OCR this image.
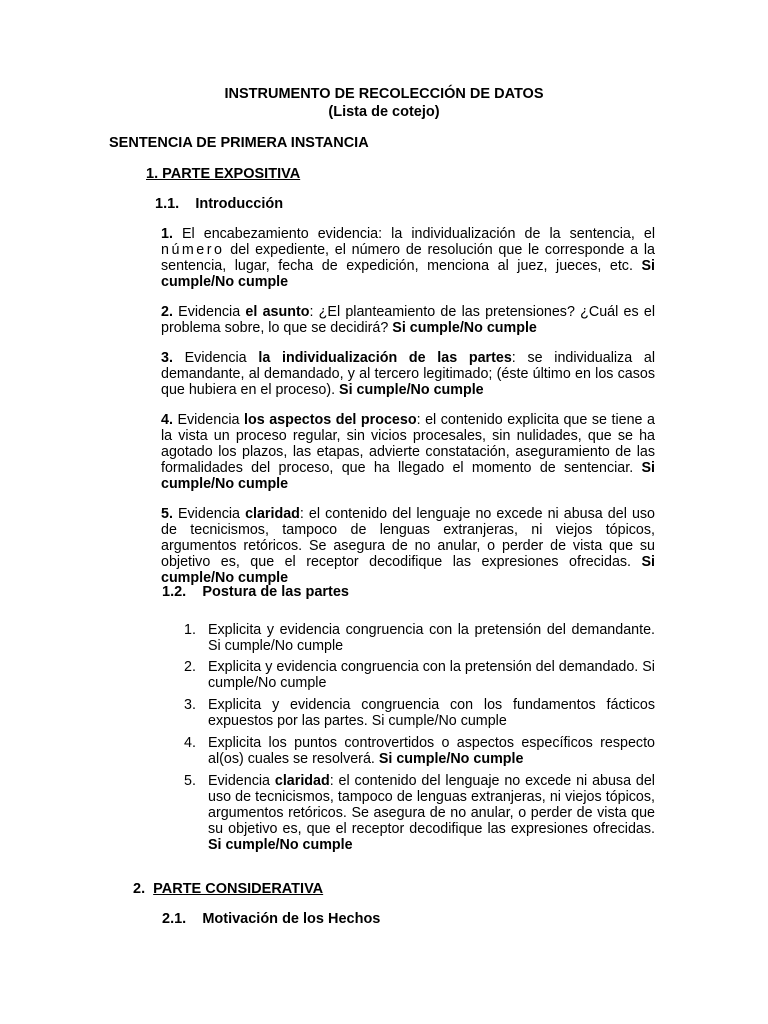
INSTRUMENTO DE RECOLECCIÓN DE DATOS
(Lista de cotejo)
SENTENCIA DE PRIMERA INSTANCIA
1. PARTE EXPOSITIVA
1.1. Introducción
1. El encabezamiento evidencia: la individualización de la sentencia, el número del expediente, el número de resolución que le corresponde a la sentencia, lugar, fecha de expedición, menciona al juez, jueces, etc. Si cumple/No cumple
2. Evidencia el asunto: ¿El planteamiento de las pretensiones? ¿Cuál es el problema sobre, lo que se decidirá? Si cumple/No cumple
3. Evidencia la individualización de las partes: se individualiza al demandante, al demandado, y al tercero legitimado; (éste último en los casos que hubiera en el proceso). Si cumple/No cumple
4. Evidencia los aspectos del proceso: el contenido explicita que se tiene a la vista un proceso regular, sin vicios procesales, sin nulidades, que se ha agotado los plazos, las etapas, advierte constatación, aseguramiento de las formalidades del proceso, que ha llegado el momento de sentenciar. Si cumple/No cumple
5. Evidencia claridad: el contenido del lenguaje no excede ni abusa del uso de tecnicismos, tampoco de lenguas extranjeras, ni viejos tópicos, argumentos retóricos. Se asegura de no anular, o perder de vista que su objetivo es, que el receptor decodifique las expresiones ofrecidas. Si cumple/No cumple
1.2. Postura de las partes
1. Explicita y evidencia congruencia con la pretensión del demandante. Si cumple/No cumple
2. Explicita y evidencia congruencia con la pretensión del demandado. Si cumple/No cumple
3. Explicita y evidencia congruencia con los fundamentos fácticos expuestos por las partes. Si cumple/No cumple
4. Explicita los puntos controvertidos o aspectos específicos respecto al(os) cuales se resolverá. Si cumple/No cumple
5. Evidencia claridad: el contenido del lenguaje no excede ni abusa del uso de tecnicismos, tampoco de lenguas extranjeras, ni viejos tópicos, argumentos retóricos. Se asegura de no anular, o perder de vista que su objetivo es, que el receptor decodifique las expresiones ofrecidas. Si cumple/No cumple
2. PARTE CONSIDERATIVA
2.1. Motivación de los Hechos
